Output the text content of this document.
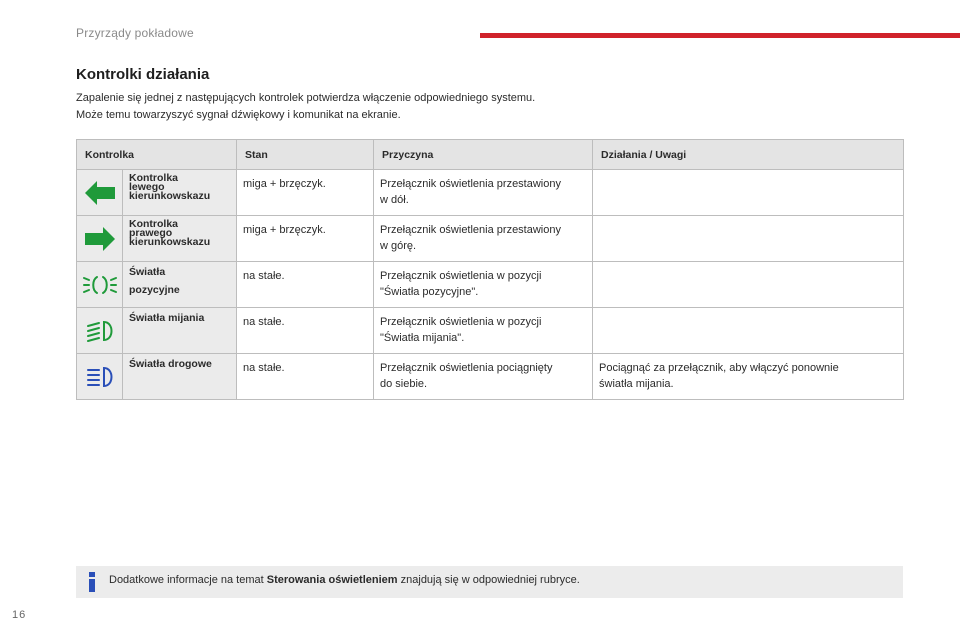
Przyrządy pokładowe
Kontrolki działania
Zapalenie się jednej z następujących kontrolek potwierdza włączenie odpowiedniego systemu.
Może temu towarzyszyć sygnał dźwiękowy i komunikat na ekranie.
Kontrolka		Stan	Przyczyna	Działania / Uwagi
	Kontrolka
lewego
kierunkowskazu	miga + brzęczyk.	Przełącznik oświetlenia przestawiony
w dół.	
	Kontrolka
prawego
kierunkowskazu	miga + brzęczyk.	Przełącznik oświetlenia przestawiony
w górę.	

Światła
pozycyjne	na stałe.	Przełącznik oświetlenia w pozycji
"Światła pozycyjne".	

Światła mijania	na stałe.	Przełącznik oświetlenia w pozycji
"Światła mijania".	

Światła drogowe	na stałe.	Przełącznik oświetlenia pociągnięty
do siebie.	Pociągnąć za przełącznik, aby włączyć ponownie
światła mijania.
Dodatkowe informacje na temat Sterowania oświetleniem znajdują się w odpowiedniej rubryce.
16
